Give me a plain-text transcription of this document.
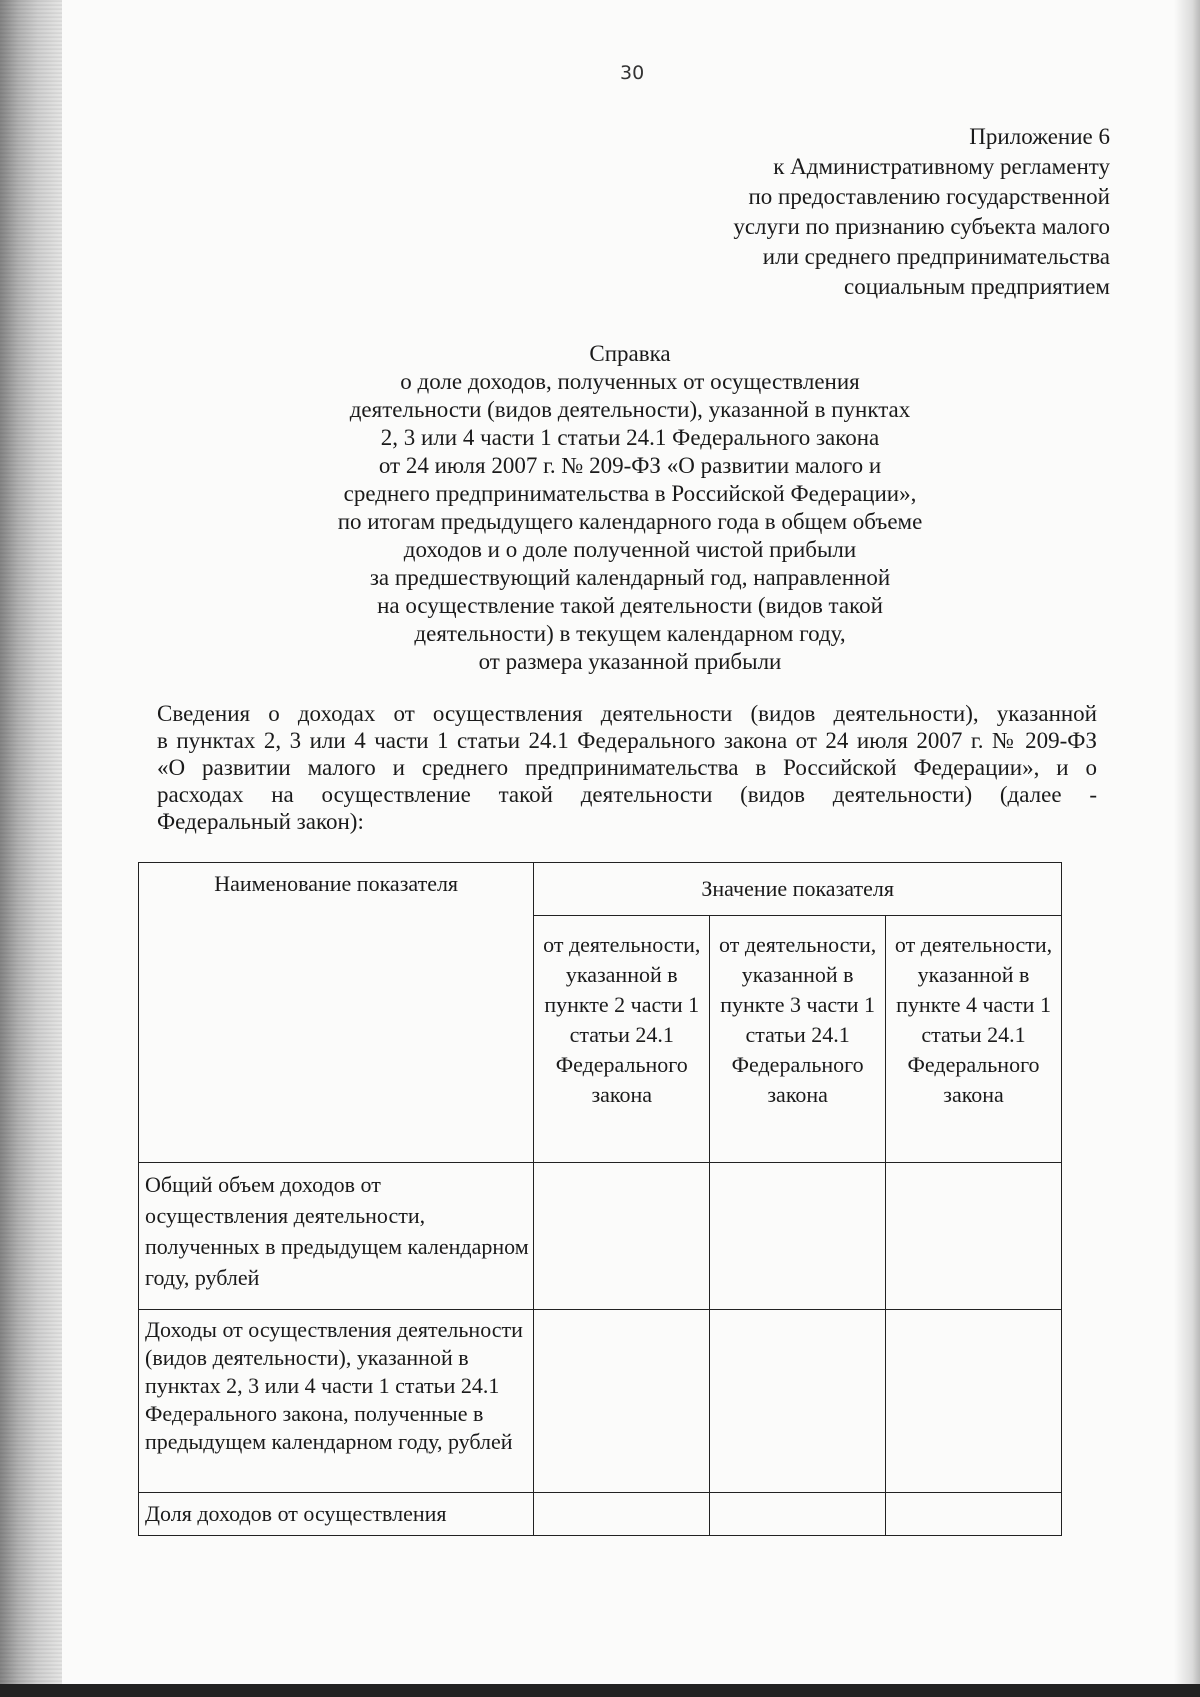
30
Приложение 6
к Административному регламенту
по предоставлению государственной
услуги по признанию субъекта малого
или среднего предпринимательства
социальным предприятием
Справка
о доле доходов, полученных от осуществления
деятельности (видов деятельности), указанной в пунктах
2, 3 или 4 части 1 статьи 24.1 Федерального закона
от 24 июля 2007 г. № 209-ФЗ «О развитии малого и
среднего предпринимательства в Российской Федерации»,
по итогам предыдущего календарного года в общем объеме
доходов и о доле полученной чистой прибыли
за предшествующий календарный год, направленной
на осуществление такой деятельности (видов такой
деятельности) в текущем календарном году,
от размера указанной прибыли
Сведения о доходах от осуществления деятельности (видов деятельности), указанной
в пунктах 2, 3 или 4 части 1 статьи 24.1 Федерального закона от 24 июля 2007 г. № 209-ФЗ
«О развитии малого и среднего предпринимательства в Российской Федерации», и о
расходах на осуществление такой деятельности (видов деятельности) (далее -
Федеральный закон):
Наименование показателя	Значение показателя		
	от деятельности, указанной в пункте 2 части 1 статьи 24.1 Федерального закона	от деятельности, указанной в пункте 3 части 1 статьи 24.1 Федерального закона	от деятельности, указанной в пункте 4 части 1 статьи 24.1 Федерального закона
Общий объем доходов от осуществления деятельности, полученных в предыдущем календарном году, рублей			
Доходы от осуществления деятельности (видов деятельности), указанной в пунктах 2, 3 или 4 части 1 статьи 24.1 Федерального закона, полученные в предыдущем календарном году, рублей			
Доля доходов от осуществления			
